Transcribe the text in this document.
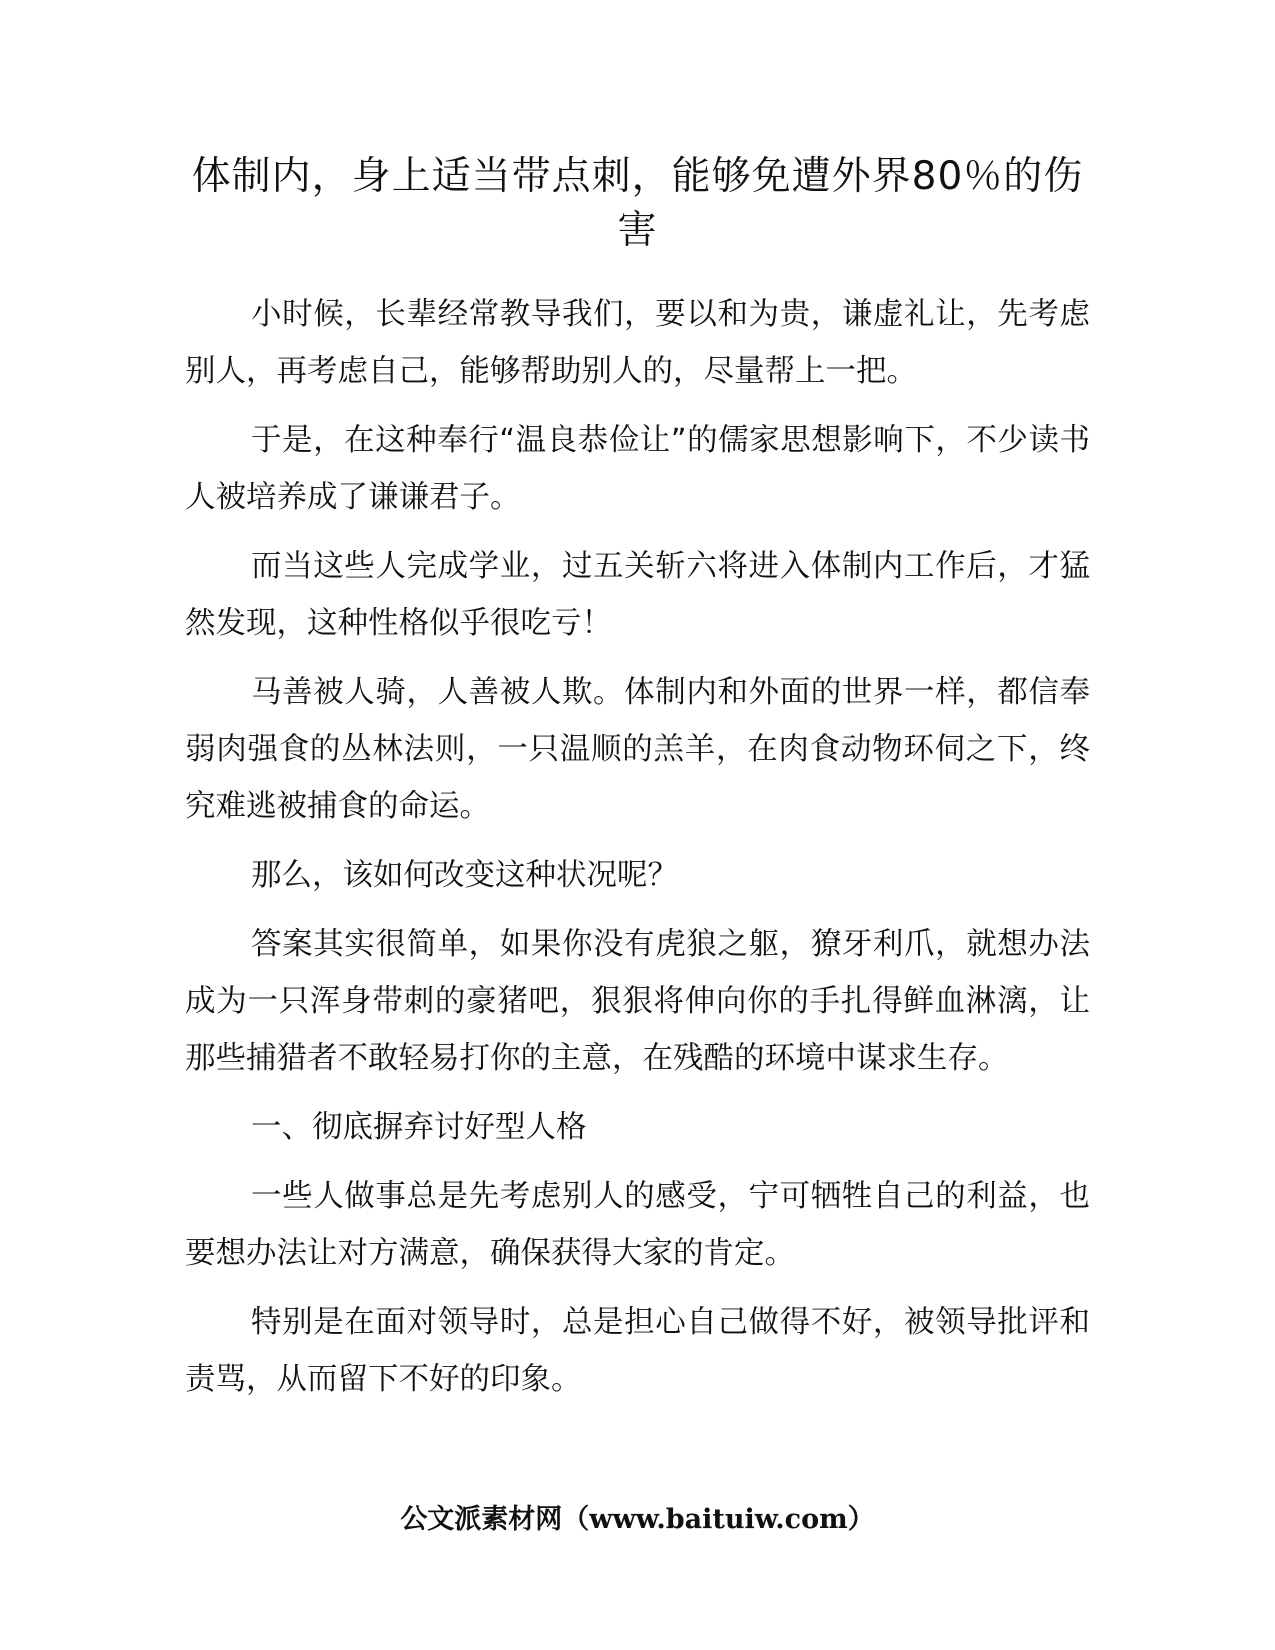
体制内，身上适当带点刺，能够免遭外界80％的伤害

小时候，长辈经常教导我们，要以和为贵，谦虚礼让，先考虑别人，再考虑自己，能够帮助别人的，尽量帮上一把。

于是，在这种奉行“温良恭俭让”的儒家思想影响下，不少读书人被培养成了谦谦君子。

而当这些人完成学业，过五关斩六将进入体制内工作后，才猛然发现，这种性格似乎很吃亏！

马善被人骑，人善被人欺。体制内和外面的世界一样，都信奉弱肉强食的丛林法则，一只温顺的羔羊，在肉食动物环伺之下，终究难逃被捕食的命运。

那么，该如何改变这种状况呢？

答案其实很简单，如果你没有虎狼之躯，獠牙利爪，就想办法成为一只浑身带刺的豪猪吧，狠狠将伸向你的手扎得鲜血淋漓，让那些捕猎者不敢轻易打你的主意，在残酷的环境中谋求生存。

一、彻底摒弃讨好型人格

一些人做事总是先考虑别人的感受，宁可牺牲自己的利益，也要想办法让对方满意，确保获得大家的肯定。

特别是在面对领导时，总是担心自己做得不好，被领导批评和责骂，从而留下不好的印象。

公文派素材网（www.baituiw.com）
